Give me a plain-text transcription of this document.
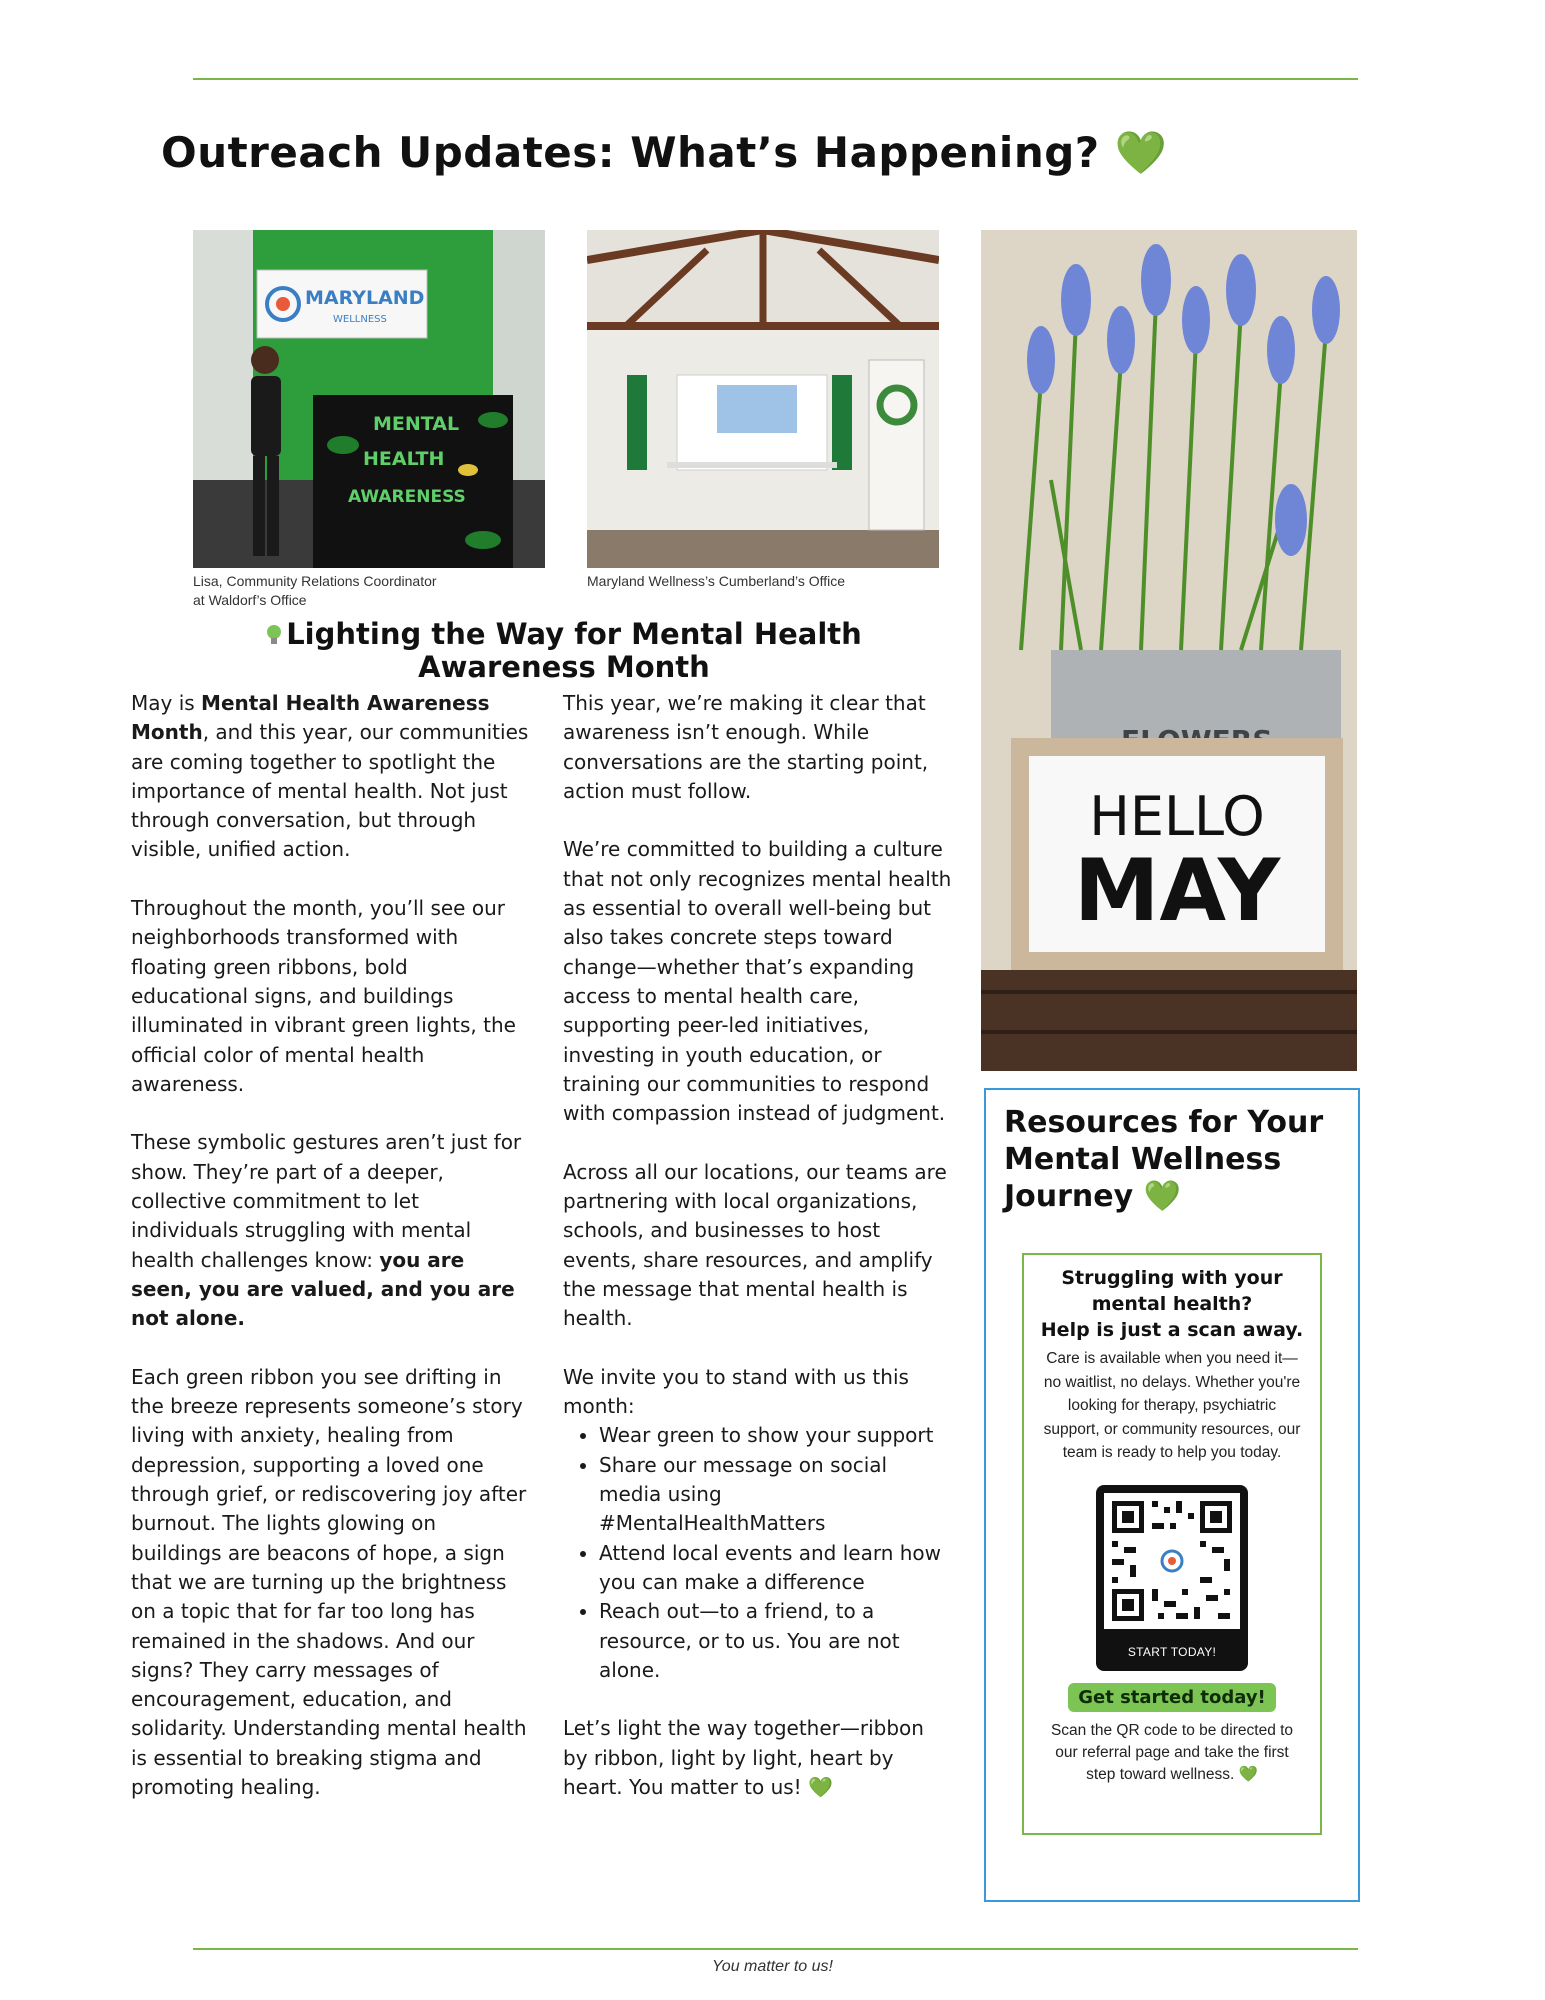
Outreach Updates: What’s Happening? 💚
MARYLAND
WELLNESS
MENTAL
HEALTH
AWARENESS
Lisa, Community Relations Coordinator
at Waldorf’s Office
Maryland Wellness’s Cumberland’s Office
HELLO
MAY
Lighting the Way for Mental Health Awareness Month

May is Mental Health Awareness Month, and this year, our communities are coming together to spotlight the importance of mental health. Not just through conversation, but through visible, unified action.

Throughout the month, you’ll see our neighborhoods transformed with floating green ribbons, bold educational signs, and buildings illuminated in vibrant green lights, the official color of mental health awareness.

These symbolic gestures aren’t just for show. They’re part of a deeper, collective commitment to let individuals struggling with mental health challenges know: you are seen, you are valued, and you are not alone.

Each green ribbon you see drifting in the breeze represents someone’s story living with anxiety, healing from depression, supporting a loved one through grief, or rediscovering joy after burnout. The lights glowing on buildings are beacons of hope, a sign that we are turning up the brightness on a topic that for far too long has remained in the shadows. And our signs? They carry messages of encouragement, education, and solidarity. Understanding mental health is essential to breaking stigma and promoting healing.

This year, we’re making it clear that awareness isn’t enough. While conversations are the starting point, action must follow.

We’re committed to building a culture that not only recognizes mental health as essential to overall well-being but also takes concrete steps toward change—whether that’s expanding access to mental health care, supporting peer-led initiatives, investing in youth education, or training our communities to respond with compassion instead of judgment.

Across all our locations, our teams are partnering with local organizations, schools, and businesses to host events, share resources, and amplify the message that mental health is health.

We invite you to stand with us this month:

• Wear green to show your support
• Share our message on social media using #MentalHealthMatters
• Attend local events and learn how you can make a difference
• Reach out—to a friend, to a resource, or to us. You are not alone.

Let’s light the way together—ribbon by ribbon, light by light, heart by heart. You matter to us! 💚

Resources for Your Mental Wellness Journey 💚
Struggling with your mental health?
Help is just a scan away.
Care is available when you need it—no waitlist, no delays. Whether you're looking for therapy, psychiatric support, or community resources, our team is ready to help you today.
START TODAY!
Get started today!
Scan the QR code to be directed to our referral page and take the first step toward wellness. 💚
You matter to us!
